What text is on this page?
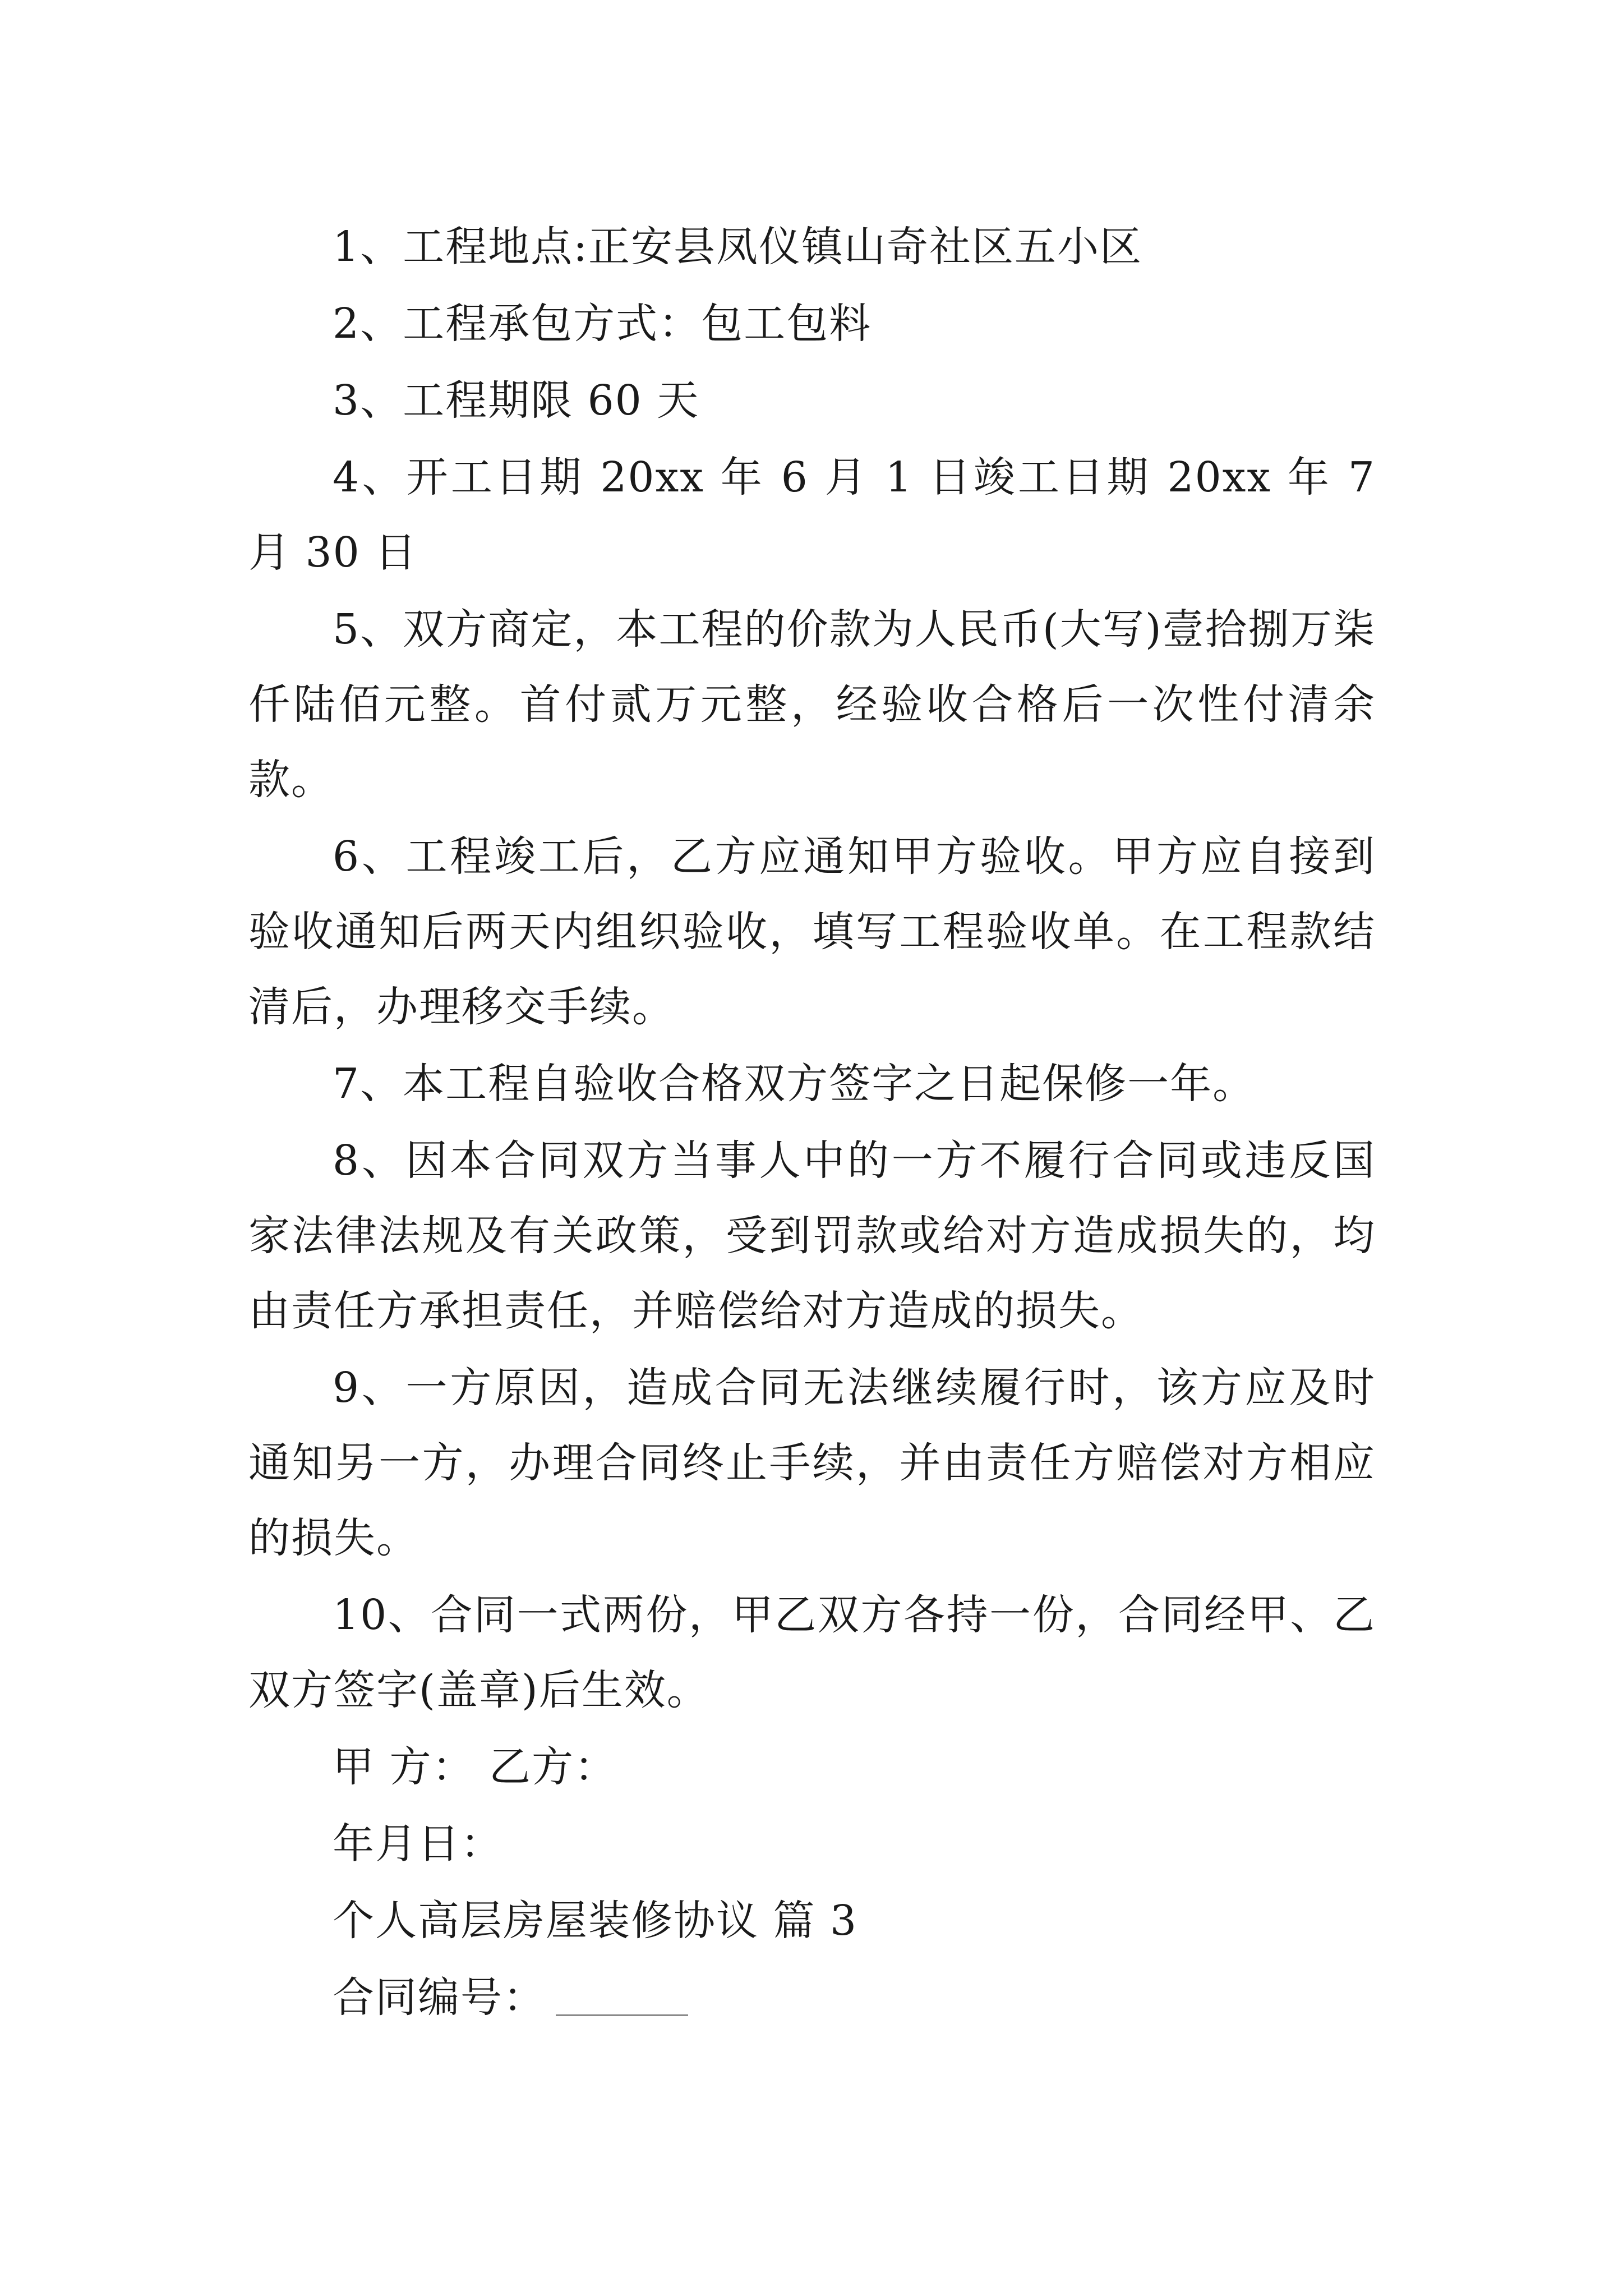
1、工程地点:正安县凤仪镇山奇社区五小区

2、工程承包方式：包工包料

3、工程期限 60 天

4、开工日期 20xx 年 6 月 1 日竣工日期 20xx 年 7 月 30 日

5、双方商定，本工程的价款为人民币(大写)壹拾捌万柒仟陆佰元整。首付贰万元整，经验收合格后一次性付清余款。

6、工程竣工后，乙方应通知甲方验收。甲方应自接到验收通知后两天内组织验收，填写工程验收单。在工程款结清后，办理移交手续。

7、本工程自验收合格双方签字之日起保修一年。

8、因本合同双方当事人中的一方不履行合同或违反国家法律法规及有关政策，受到罚款或给对方造成损失的，均由责任方承担责任，并赔偿给对方造成的损失。

9、一方原因，造成合同无法继续履行时，该方应及时通知另一方，办理合同终止手续，并由责任方赔偿对方相应的损失。

10、合同一式两份，甲乙双方各持一份，合同经甲、乙双方签字(盖章)后生效。

甲 方： 乙方：

年月日：

个人高层房屋装修协议 篇 3

合同编号：
